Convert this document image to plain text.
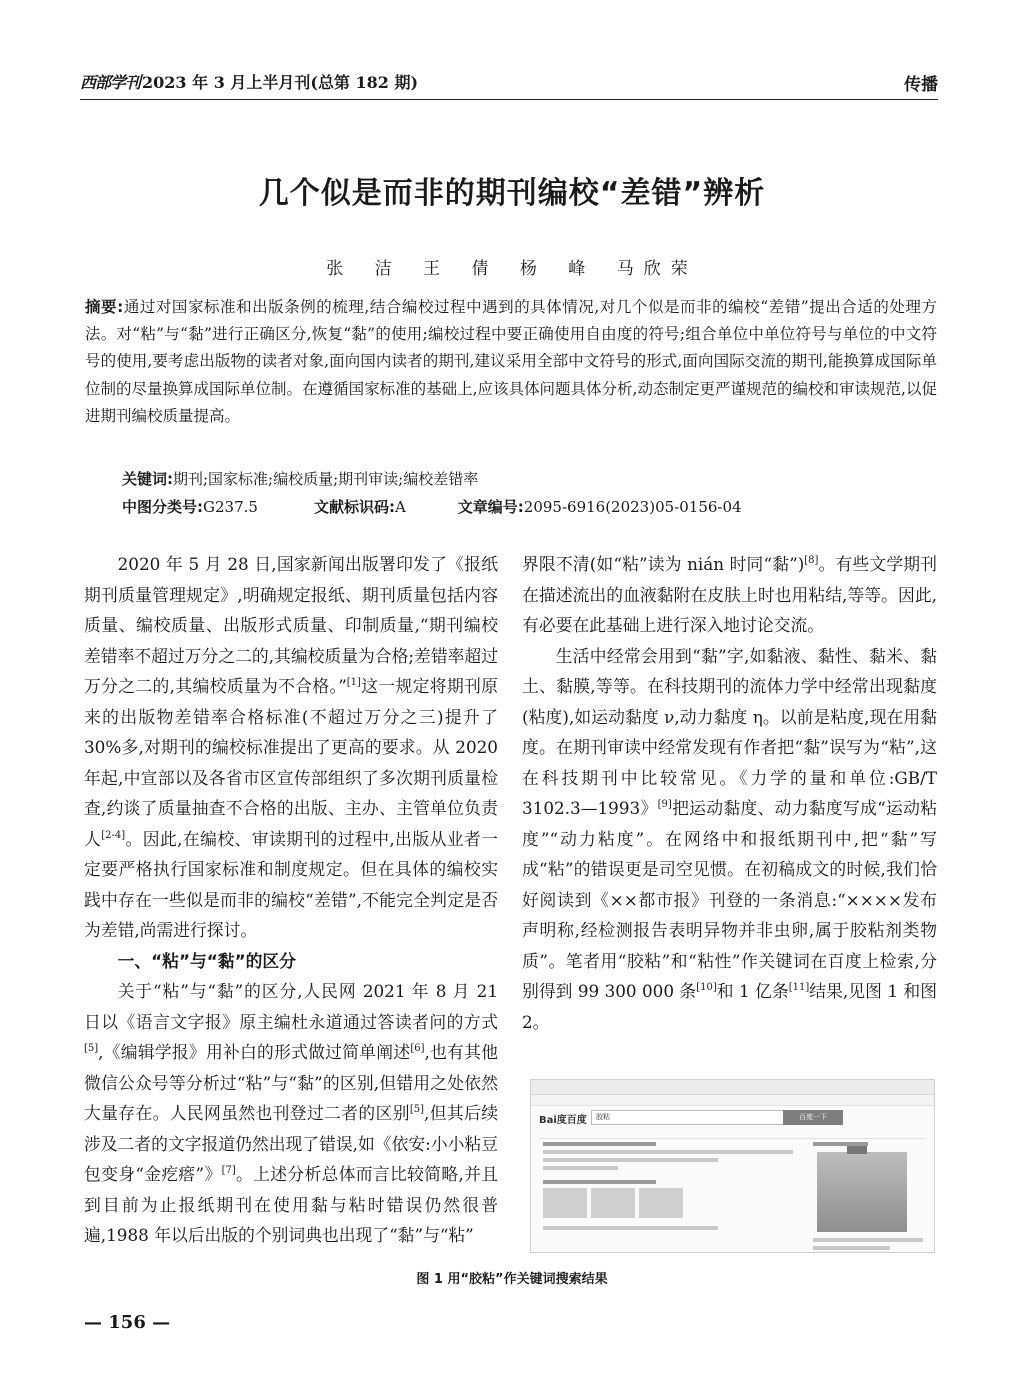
西部学刊 2023 年 3 月上半月刊(总第 182 期)	传播
几个似是而非的期刊编校“差错”辨析
张 洁 王 倩 杨 峰 马欣荣
摘要:通过对国家标准和出版条例的梳理,结合编校过程中遇到的具体情况,对几个似是而非的编校“差错”提出合适的处理方法。对“粘”与“黏”进行正确区分,恢复“黏”的使用;编校过程中要正确使用自由度的符号;组合单位中单位符号与单位的中文符号的使用,要考虑出版物的读者对象,面向国内读者的期刊,建议采用全部中文符号的形式,面向国际交流的期刊,能换算成国际单位制的尽量换算成国际单位制。在遵循国家标准的基础上,应该具体问题具体分析,动态制定更严谨规范的编校和审读规范,以促进期刊编校质量提高。
关键词:期刊;国家标准;编校质量;期刊审读;编校差错率
中图分类号:G237.5	文献标识码:A	文章编号:2095-6916(2023)05-0156-04

2020 年 5 月 28 日,国家新闻出版署印发了《报纸期刊质量管理规定》,明确规定报纸、期刊质量包括内容质量、编校质量、出版形式质量、印制质量,“期刊编校差错率不超过万分之二的,其编校质量为合格;差错率超过万分之二的,其编校质量为不合格。”[1]这一规定将期刊原来的出版物差错率合格标准(不超过万分之三)提升了 30%多,对期刊的编校标准提出了更高的要求。从 2020 年起,中宣部以及各省市区宣传部组织了多次期刊质量检查,约谈了质量抽查不合格的出版、主办、主管单位负责人[2-4]。因此,在编校、审读期刊的过程中,出版从业者一定要严格执行国家标准和制度规定。但在具体的编校实践中存在一些似是而非的编校“差错”,不能完全判定是否为差错,尚需进行探讨。

一、“粘”与“黏”的区分

关于“粘”与“黏”的区分,人民网 2021 年 8 月 21 日以《语言文字报》原主编杜永道通过答读者问的方式[5],《编辑学报》用补白的形式做过简单阐述[6],也有其他微信公众号等分析过“粘”与“黏”的区别,但错用之处依然大量存在。人民网虽然也刊登过二者的区别[5],但其后续涉及二者的文字报道仍然出现了错误,如《依安:小小粘豆包变身“金疙瘩”》[7]。上述分析总体而言比较简略,并且到目前为止报纸期刊在使用黏与粘时错误仍然很普遍,1988 年以后出版的个别词典也出现了“黏”与“粘”

界限不清(如“粘”读为 nián 时同“黏”)[8]。有些文学期刊在描述流出的血液黏附在皮肤上时也用粘结,等等。因此,有必要在此基础上进行深入地讨论交流。

生活中经常会用到“黏”字,如黏液、黏性、黏米、黏土、黏膜,等等。在科技期刊的流体力学中经常出现黏度(粘度),如运动黏度 ν,动力黏度 η。以前是粘度,现在用黏度。在期刊审读中经常发现有作者把“黏”误写为“粘”,这在科技期刊中比较常见。《力学的量和单位:GB/T 3102.3—1993》[9]把运动黏度、动力黏度写成“运动粘度”“动力粘度”。在网络中和报纸期刊中,把“黏”写成“粘”的错误更是司空见惯。在初稿成文的时候,我们恰好阅读到《××都市报》刊登的一条消息:“××××发布声明称,经检测报告表明异物并非虫卵,属于胶粘剂类物质”。笔者用“胶粘”和“粘性”作关键词在百度上检索,分别得到 99 300 000 条[10]和 1 亿条[11]结果,见图 1 和图 2。

Bai度百度	胶粘	百度一下
图 1 用“胶粘”作关键词搜索结果
— 156 —
